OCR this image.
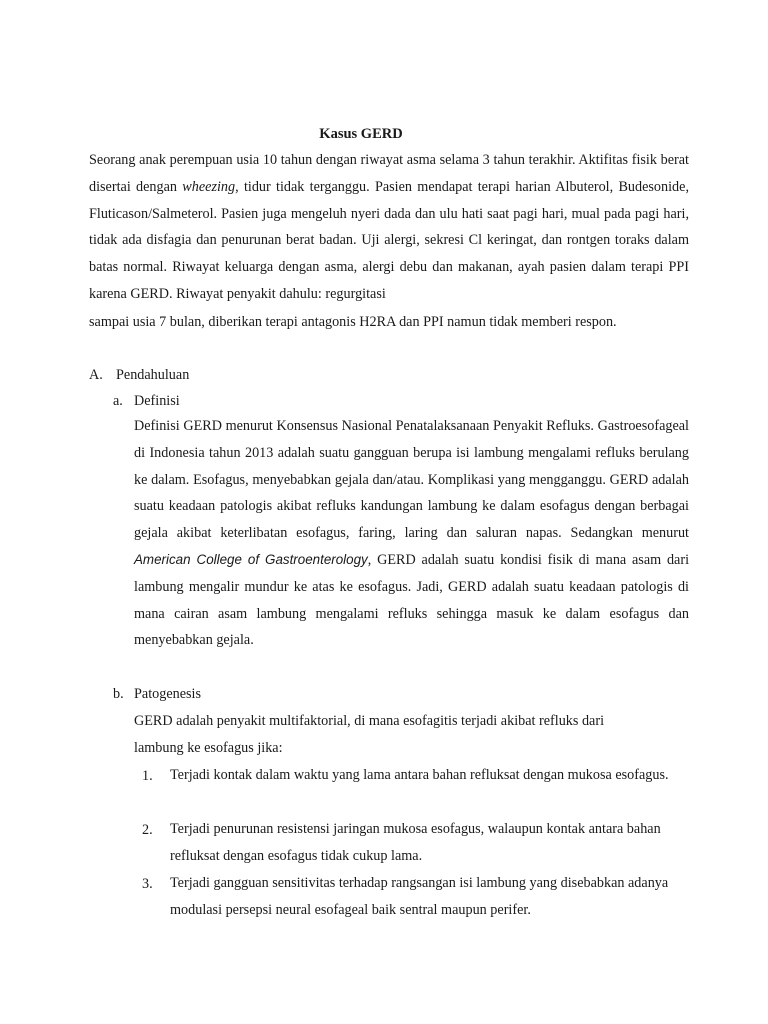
Kasus GERD

Seorang anak perempuan usia 10 tahun dengan riwayat asma selama 3 tahun terakhir. Aktifitas fisik berat disertai dengan wheezing, tidur tidak terganggu. Pasien mendapat terapi harian Albuterol, Budesonide, Fluticason/Salmeterol. Pasien juga mengeluh nyeri dada dan ulu hati saat pagi hari, mual pada pagi hari, tidak ada disfagia dan penurunan berat badan. Uji alergi, sekresi Cl keringat, dan rontgen toraks dalam batas normal. Riwayat keluarga dengan asma, alergi debu dan makanan, ayah pasien dalam terapi PPI karena GERD. Riwayat penyakit dahulu: regurgitasi

sampai usia 7 bulan, diberikan terapi antagonis H2RA dan PPI namun tidak memberi respon.

A. Pendahuluan
a. Definisi

Definisi GERD menurut Konsensus Nasional Penatalaksanaan Penyakit Refluks. Gastroesofageal di Indonesia tahun 2013 adalah suatu gangguan berupa isi lambung mengalami refluks berulang ke dalam. Esofagus, menyebabkan gejala dan/atau. Komplikasi yang mengganggu. GERD adalah suatu keadaan patologis akibat refluks kandungan lambung ke dalam esofagus dengan berbagai gejala akibat keterlibatan esofagus, faring, laring dan saluran napas. Sedangkan menurut American College of Gastroenterology, GERD adalah suatu kondisi fisik di mana asam dari lambung mengalir mundur ke atas ke esofagus. Jadi, GERD adalah suatu keadaan patologis di mana cairan asam lambung mengalami refluks sehingga masuk ke dalam esofagus dan menyebabkan gejala.

b. Patogenesis

GERD adalah penyakit multifaktorial, di mana esofagitis terjadi akibat refluks dari lambung ke esofagus jika:

1. Terjadi kontak dalam waktu yang lama antara bahan refluksat dengan mukosa esofagus.

2. Terjadi penurunan resistensi jaringan mukosa esofagus, walaupun kontak antara bahan refluksat dengan esofagus tidak cukup lama.

3. Terjadi gangguan sensitivitas terhadap rangsangan isi lambung yang disebabkan adanya modulasi persepsi neural esofageal baik sentral maupun perifer.
